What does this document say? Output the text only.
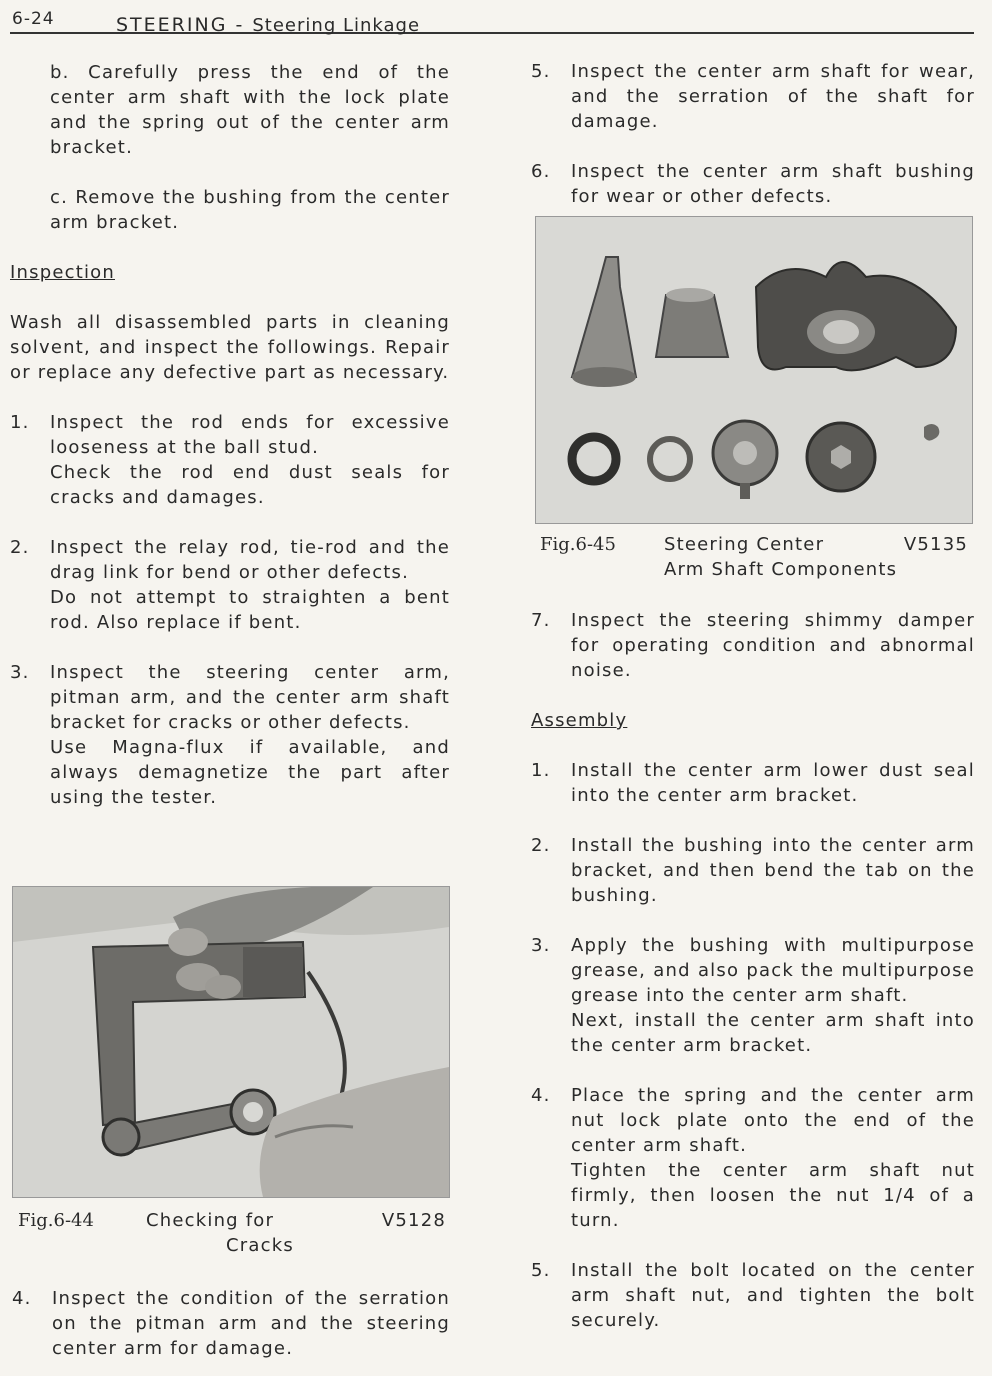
6-24	STEERING - Steering Linkage
b. Carefully press the end of the center arm shaft with the lock plate and the spring out of the center arm bracket.
c. Remove the bushing from the center arm bracket.
Inspection
Wash all disassembled parts in cleaning solvent, and inspect the followings. Repair or replace any defective part as necessary.
1.	Inspect the rod ends for excessive looseness at the ball stud.
Check the rod end dust seals for cracks and damages.
2.	Inspect the relay rod, tie-rod and the drag link for bend or other defects.
Do not attempt to straighten a bent rod. Also replace if bent.
3.	Inspect the steering center arm, pitman arm, and the center arm shaft bracket for cracks or other defects.
Use Magna-flux if available, and always demagnetize the part after using the tester.
Fig.6-44	Checking for
Cracks
V5128
4.	Inspect the condition of the serration on the pitman arm and the steering center arm for damage.
5.	Inspect the center arm shaft for wear, and the serration of the shaft for damage.
6.	Inspect the center arm shaft bushing for wear or other defects.
Fig.6-45	Steering Center
Arm Shaft Components
V5135
7.	Inspect the steering shimmy damper for operating condition and abnormal noise.
Assembly
1.	Install the center arm lower dust seal into the center arm bracket.
2.	Install the bushing into the center arm bracket, and then bend the tab on the bushing.
3.	Apply the bushing with multipurpose grease, and also pack the multipurpose grease into the center arm shaft.
Next, install the center arm shaft into the center arm bracket.
4.	Place the spring and the center arm nut lock plate onto the end of the center arm shaft.
Tighten the center arm shaft nut firmly, then loosen the nut 1/4 of a turn.
5.	Install the bolt located on the center arm shaft nut, and tighten the bolt securely.
